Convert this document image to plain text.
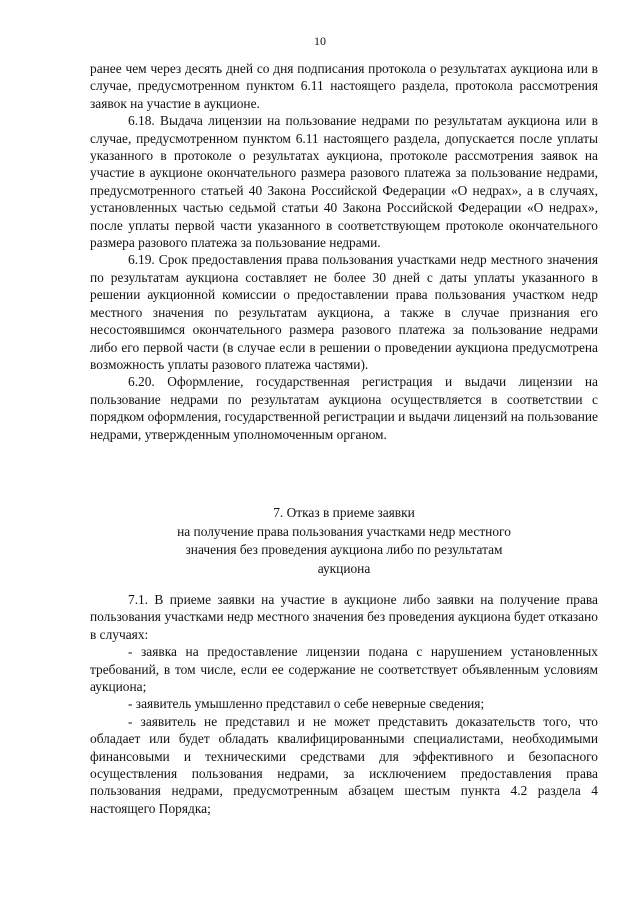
10

ранее чем через десять дней со дня подписания протокола о результатах аукциона или в случае, предусмотренном пунктом 6.11 настоящего раздела, протокола рассмотрения заявок на участие в аукционе.

6.18. Выдача лицензии на пользование недрами по результатам аукциона или в случае, предусмотренном пунктом 6.11 настоящего раздела, допускается после уплаты указанного в протоколе о результатах аукциона, протоколе рассмотрения заявок на участие в аукционе окончательного размера разового платежа за пользование недрами, предусмотренного статьей 40 Закона Российской Федерации «О недрах», а в случаях, установленных частью седьмой статьи 40 Закона Российской Федерации «О недрах», после уплаты первой части указанного в соответствующем протоколе окончательного размера разового платежа за пользование недрами.

6.19. Срок предоставления права пользования участками недр местного значения по результатам аукциона составляет не более 30 дней с даты уплаты указанного в решении аукционной комиссии о предоставлении права пользования участком недр местного значения по результатам аукциона, а также в случае признания его несостоявшимся окончательного размера разового платежа за пользование недрами либо его первой части (в случае если в решении о проведении аукциона предусмотрена возможность уплаты разового платежа частями).

6.20. Оформление, государственная регистрация и выдачи лицензии на пользование недрами по результатам аукциона осуществляется в соответствии с порядком оформления, государственной регистрации и выдачи лицензий на пользование недрами, утвержденным уполномоченным органом.

7. Отказ в приеме заявки
на получение права пользования участками недр местного
значения без проведения аукциона либо по результатам
аукциона

7.1. В приеме заявки на участие в аукционе либо заявки на получение права пользования участками недр местного значения без проведения аукциона будет отказано в случаях:

- заявка на предоставление лицензии подана с нарушением установленных требований, в том числе, если ее содержание не соответствует объявленным условиям аукциона;

- заявитель умышленно представил о себе неверные сведения;

- заявитель не представил и не может представить доказательств того, что обладает или будет обладать квалифицированными специалистами, необходимыми финансовыми и техническими средствами для эффективного и безопасного осуществления пользования недрами, за исключением предоставления права пользования недрами, предусмотренным абзацем шестым пункта 4.2 раздела 4 настоящего Порядка;
